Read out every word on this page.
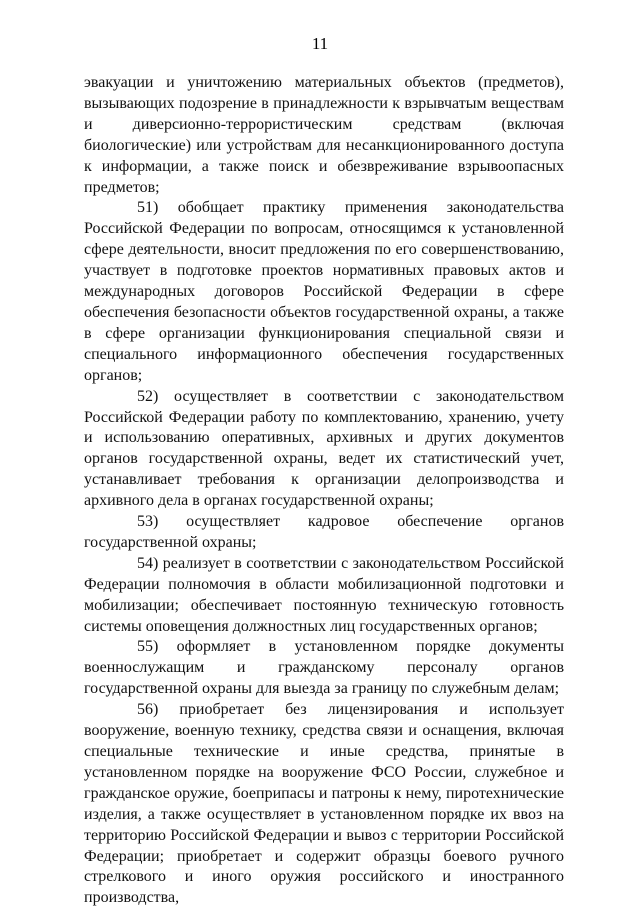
11

эвакуации и уничтожению материальных объектов (предметов), вызывающих подозрение в принадлежности к взрывчатым веществам и диверсионно-террористическим средствам (включая биологические) или устройствам для несанкционированного доступа к информации, а также поиск и обезвреживание взрывоопасных предметов;

51) обобщает практику применения законодательства Российской Федерации по вопросам, относящимся к установленной сфере деятельности, вносит предложения по его совершенствованию, участвует в подготовке проектов нормативных правовых актов и международных договоров Российской Федерации в сфере обеспечения безопасности объектов государственной охраны, а также в сфере организации функционирования специальной связи и специального информационного обеспечения государственных органов;

52) осуществляет в соответствии с законодательством Российской Федерации работу по комплектованию, хранению, учету и использованию оперативных, архивных и других документов органов государственной охраны, ведет их статистический учет, устанавливает требования к организации делопроизводства и архивного дела в органах государственной охраны;

53) осуществляет кадровое обеспечение органов государственной охраны;

54) реализует в соответствии с законодательством Российской Федерации полномочия в области мобилизационной подготовки и мобилизации; обеспечивает постоянную техническую готовность системы оповещения должностных лиц государственных органов;

55) оформляет в установленном порядке документы военнослужащим и гражданскому персоналу органов государственной охраны для выезда за границу по служебным делам;

56) приобретает без лицензирования и использует вооружение, военную технику, средства связи и оснащения, включая специальные технические и иные средства, принятые в установленном порядке на вооружение ФСО России, служебное и гражданское оружие, боеприпасы и патроны к нему, пиротехнические изделия, а также осуществляет в установленном порядке их ввоз на территорию Российской Федерации и вывоз с территории Российской Федерации; приобретает и содержит образцы боевого ручного стрелкового и иного оружия российского и иностранного производства,
